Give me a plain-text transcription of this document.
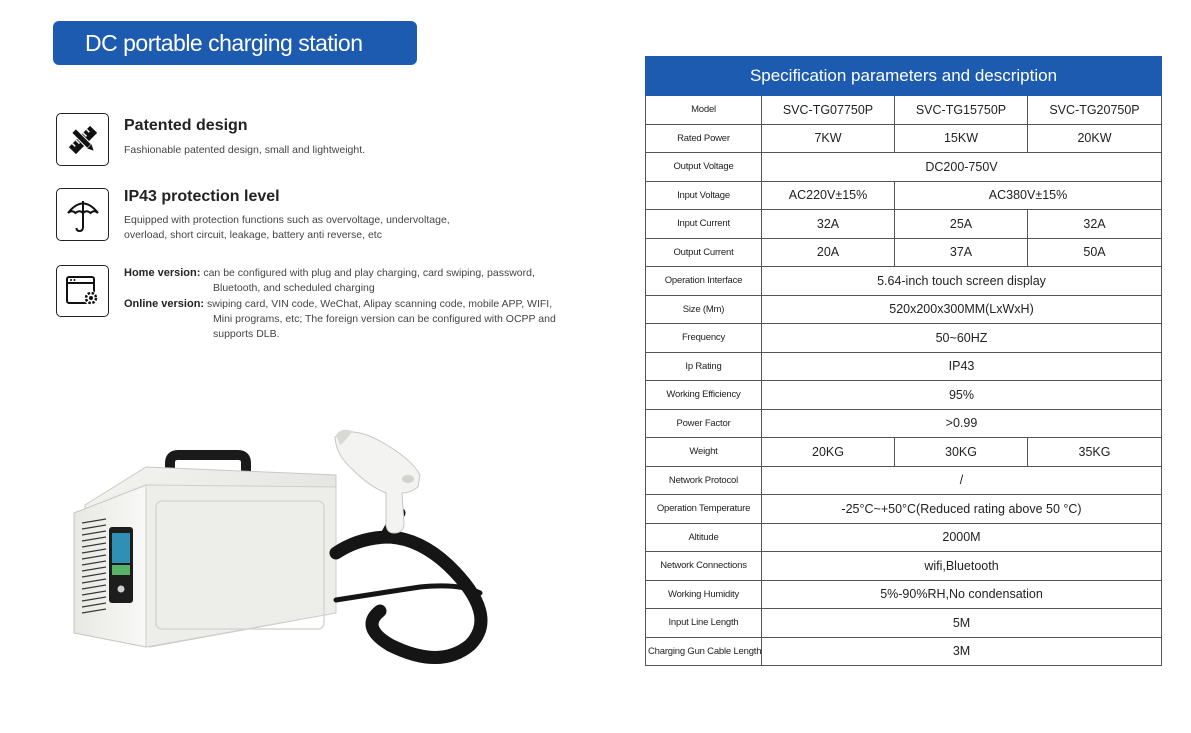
DC portable charging station
Patented design
Fashionable patented design, small and lightweight.
IP43 protection level
Equipped with protection functions such as overvoltage, undervoltage,
overload, short circuit, leakage, battery anti reverse, etc
Home version: can be configured with plug and play charging, card swiping, password,
Bluetooth, and scheduled charging
Online version: swiping card, VIN code, WeChat, Alipay scanning code, mobile APP, WIFI,
Mini programs, etc; The foreign version can be configured with OCPP and
supports DLB.
Specification parameters and description			
Model	SVC-TG07750P	SVC-TG15750P	SVC-TG20750P
Rated Power	7KW	15KW	20KW
Output Voltage	DC200-750V		
Input Voltage	AC220V±15%	AC380V±15%	
Input Current	32A	25A	32A
Output Current	20A	37A	50A
Operation Interface	5.64-inch touch screen display		
Size (Mm)	520x200x300MM(LxWxH)		
Frequency	50~60HZ		
Ip Rating	IP43		
Working Efficiency	95%		
Power Factor	>0.99		
Weight	20KG	30KG	35KG
Network Protocol	/		
Operation Temperature	-25°C~+50°C(Reduced rating above 50 °C)		
Altitude	2000M		
Network Connections	wifi,Bluetooth		
Working Humidity	5%-90%RH,No condensation		
Input Line Length	5M		
Charging Gun Cable Length	3M		
